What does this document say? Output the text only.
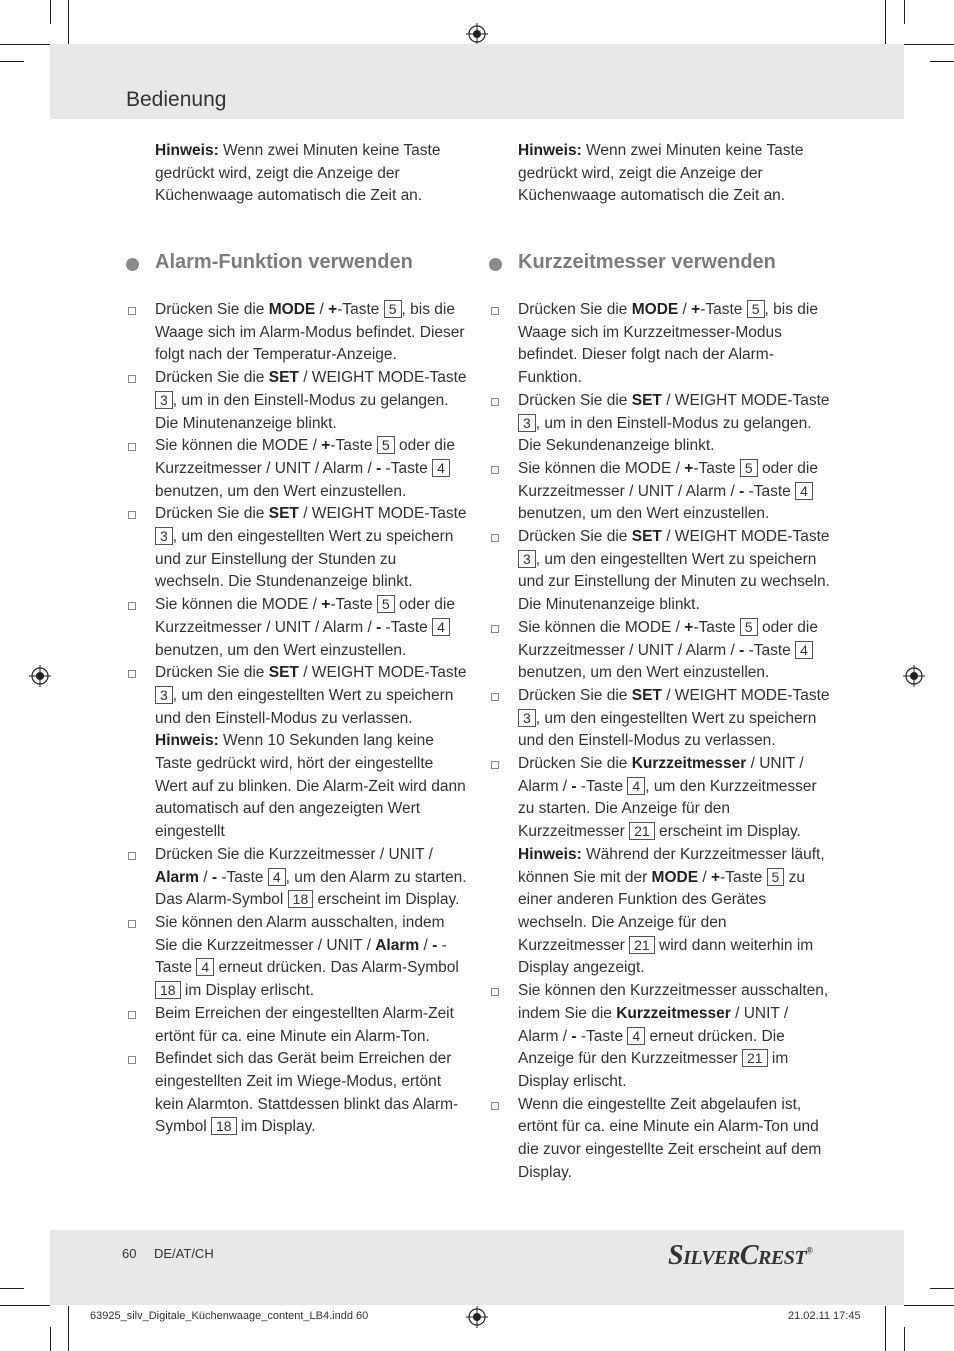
Bedienung

Hinweis: Wenn zwei Minuten keine Taste gedrückt wird, zeigt die Anzeige der Küchenwaage automatisch die Zeit an.

Hinweis: Wenn zwei Minuten keine Taste gedrückt wird, zeigt die Anzeige der Küchenwaage automatisch die Zeit an.

Alarm-Funktion verwenden	Kurzzeitmesser verwenden
Drücken Sie die MODE / +-Taste 5 , bis die Waage sich im Alarm-Modus befindet. Dieser folgt nach der Temperatur-Anzeige.
Drücken Sie die SET / WEIGHT MODE-Taste 3 , um in den Einstell-Modus zu gelangen. Die Minutenanzeige blinkt.
Sie können die MODE / +-Taste 5 oder die Kurzzeitmesser / UNIT / Alarm / - -Taste 4 benutzen, um den Wert einzustellen.
Drücken Sie die SET / WEIGHT MODE-Taste 3 , um den eingestellten Wert zu speichern und zur Einstellung der Stunden zu wechseln. Die Stundenanzeige blinkt.
Sie können die MODE / +-Taste 5 oder die Kurzzeitmesser / UNIT / Alarm / - -Taste 4 benutzen, um den Wert einzustellen.
Drücken Sie die SET / WEIGHT MODE-Taste 3 , um den eingestellten Wert zu speichern und den Einstell-Modus zu verlassen.
Hinweis: Wenn 10 Sekunden lang keine Taste gedrückt wird, hört der eingestellte Wert auf zu blinken. Die Alarm-Zeit wird dann automatisch auf den angezeigten Wert eingestellt
Drücken Sie die Kurzzeitmesser / UNIT / Alarm / - -Taste 4 , um den Alarm zu starten. Das Alarm-Symbol 18 erscheint im Display.
Sie können den Alarm ausschalten, indem Sie die Kurzzeitmesser / UNIT / Alarm / - -Taste 4 erneut drücken. Das Alarm-Symbol 18 im Display erlischt.
Beim Erreichen der eingestellten Alarm-Zeit ertönt für ca. eine Minute ein Alarm-Ton.
Befindet sich das Gerät beim Erreichen der eingestellten Zeit im Wiege-Modus, ertönt kein Alarmton. Stattdessen blinkt das Alarm-Symbol 18 im Display.
Drücken Sie die MODE / +-Taste 5 , bis die Waage sich im Kurzzeitmesser-Modus befindet. Dieser folgt nach der Alarm-Funktion.
Drücken Sie die SET / WEIGHT MODE-Taste 3 , um in den Einstell-Modus zu gelangen. Die Sekundenanzeige blinkt.
Sie können die MODE / +-Taste 5 oder die Kurzzeitmesser / UNIT / Alarm / - -Taste 4 benutzen, um den Wert einzustellen.
Drücken Sie die SET / WEIGHT MODE-Taste 3 , um den eingestellten Wert zu speichern und zur Einstellung der Minuten zu wechseln. Die Minutenanzeige blinkt.
Sie können die MODE / +-Taste 5 oder die Kurzzeitmesser / UNIT / Alarm / - -Taste 4 benutzen, um den Wert einzustellen.
Drücken Sie die SET / WEIGHT MODE-Taste 3 , um den eingestellten Wert zu speichern und den Einstell-Modus zu verlassen.
Drücken Sie die Kurzzeitmesser / UNIT / Alarm / - -Taste 4 , um den Kurzzeitmesser zu starten. Die Anzeige für den Kurzzeitmesser 21 erscheint im Display.
Hinweis: Während der Kurzzeitmesser läuft, können Sie mit der MODE / +-Taste 5 zu einer anderen Funktion des Gerätes wechseln. Die Anzeige für den Kurzzeitmesser 21 wird dann weiterhin im Display angezeigt.
Sie können den Kurzzeitmesser ausschalten, indem Sie die Kurzzeitmesser / UNIT / Alarm / - -Taste 4 erneut drücken. Die Anzeige für den Kurzzeitmesser 21 im Display erlischt.
Wenn die eingestellte Zeit abgelaufen ist, ertönt für ca. eine Minute ein Alarm-Ton und die zuvor eingestellte Zeit erscheint auf dem Display.
60 DE/AT/CH	SILVERCREST®
63925_silv_Digitale_Küchenwaage_content_LB4.indd 60	21.02.11 17:45
